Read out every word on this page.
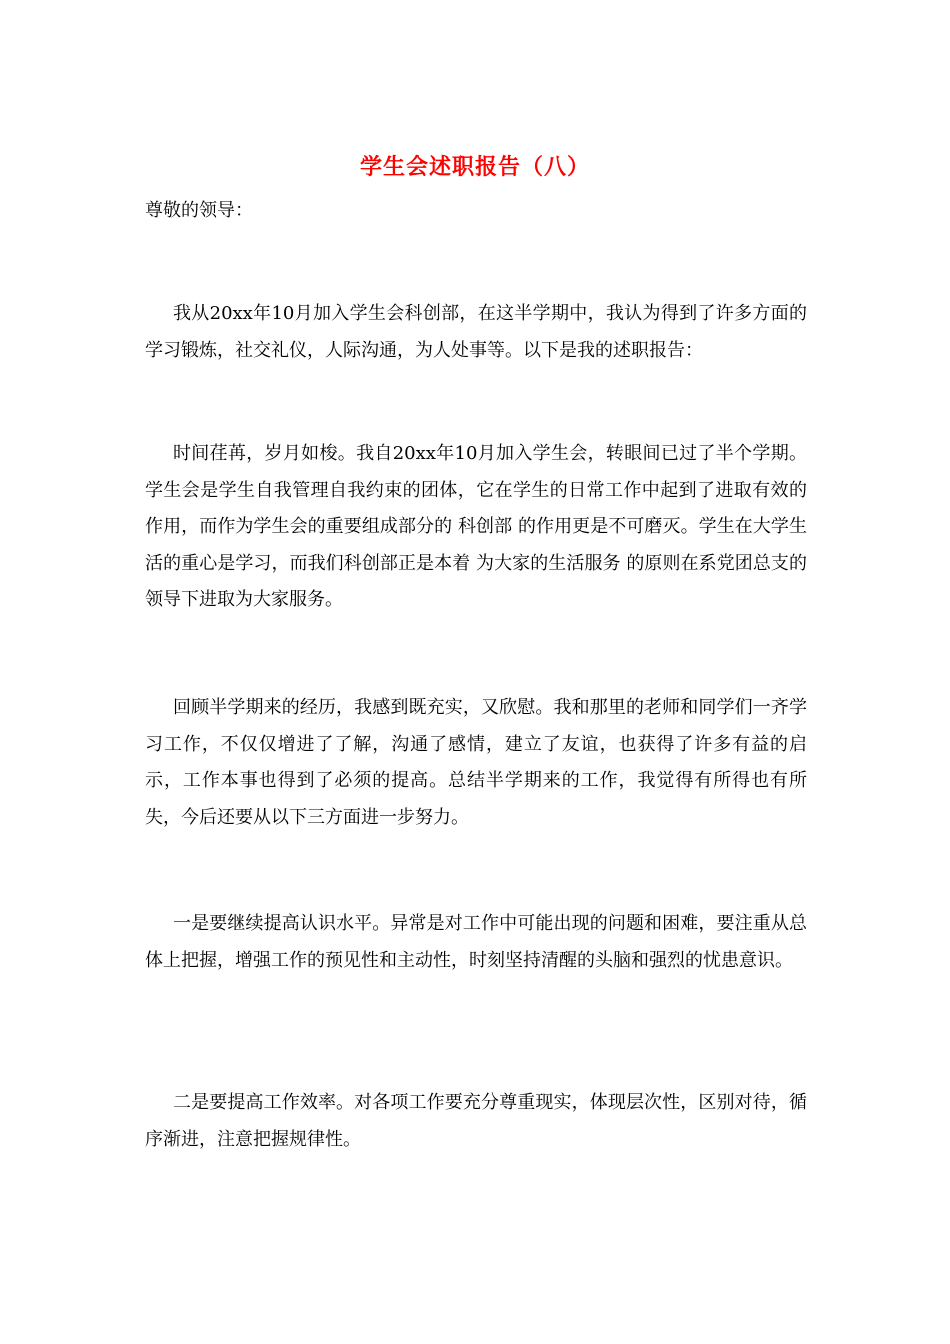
学生会述职报告（八）
尊敬的领导：

我从20xx年10月加入学生会科创部，在这半学期中，我认为得到了许多方面的学习锻炼，社交礼仪，人际沟通，为人处事等。以下是我的述职报告：

时间荏苒，岁月如梭。我自20xx年10月加入学生会，转眼间已过了半个学期。学生会是学生自我管理自我约束的团体，它在学生的日常工作中起到了进取有效的作用，而作为学生会的重要组成部分的 科创部 的作用更是不可磨灭。学生在大学生活的重心是学习，而我们科创部正是本着 为大家的生活服务 的原则在系党团总支的领导下进取为大家服务。

回顾半学期来的经历，我感到既充实，又欣慰。我和那里的老师和同学们一齐学习工作，不仅仅增进了了解，沟通了感情，建立了友谊，也获得了许多有益的启示，工作本事也得到了必须的提高。总结半学期来的工作，我觉得有所得也有所失，今后还要从以下三方面进一步努力。

一是要继续提高认识水平。异常是对工作中可能出现的问题和困难，要注重从总体上把握，增强工作的预见性和主动性，时刻坚持清醒的头脑和强烈的忧患意识。

二是要提高工作效率。对各项工作要充分尊重现实，体现层次性，区别对待，循序渐进，注意把握规律性。
